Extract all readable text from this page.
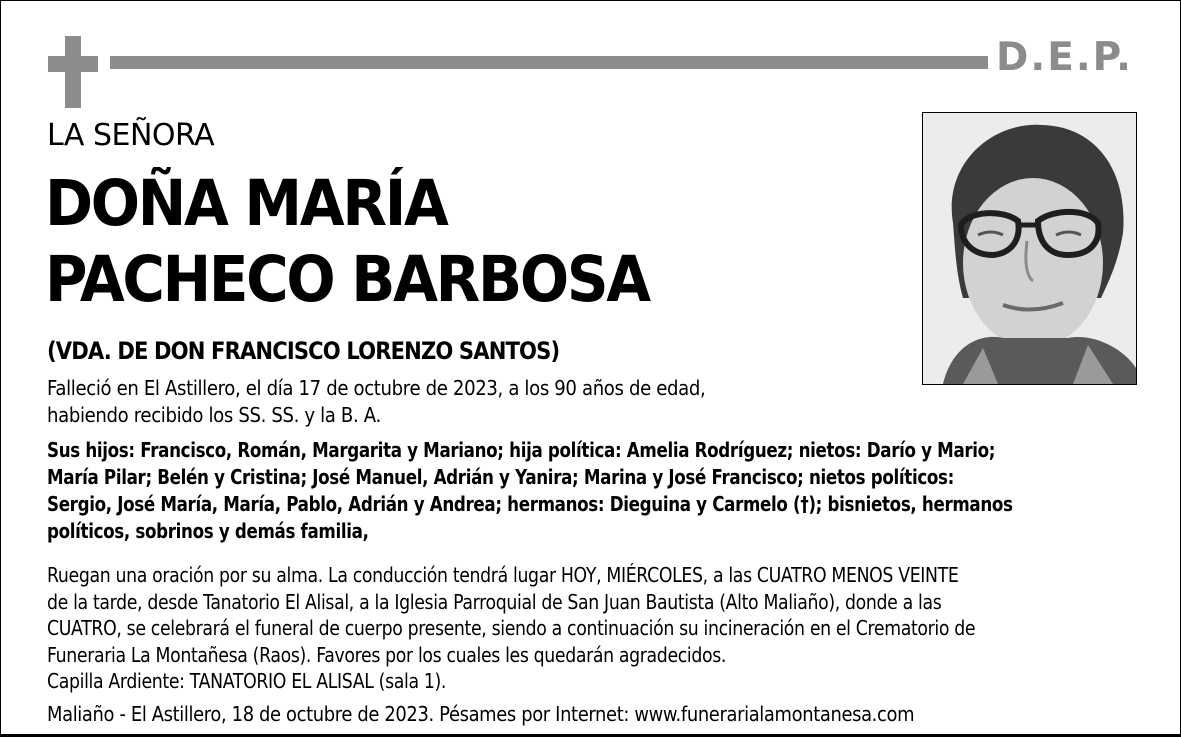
D.E.P.
LA SEÑORA
DOÑA MARÍA
PACHECO BARBOSA
(VDA. DE DON FRANCISCO LORENZO SANTOS)
Falleció en El Astillero, el día 17 de octubre de 2023, a los 90 años de edad,
habiendo recibido los SS. SS. y la B. A.
Sus hijos: Francisco, Román, Margarita y Mariano; hija política: Amelia Rodríguez; nietos: Darío y Mario;
María Pilar; Belén y Cristina; José Manuel, Adrián y Yanira; Marina y José Francisco; nietos políticos:
Sergio, José María, María, Pablo, Adrián y Andrea; hermanos: Dieguina y Carmelo (†); bisnietos, hermanos
políticos, sobrinos y demás familia,
Ruegan una oración por su alma. La conducción tendrá lugar HOY, MIÉRCOLES, a las CUATRO MENOS VEINTE
de la tarde, desde Tanatorio El Alisal, a la Iglesia Parroquial de San Juan Bautista (Alto Maliaño), donde a las
CUATRO, se celebrará el funeral de cuerpo presente, siendo a continuación su incineración en el Crematorio de
Funeraria La Montañesa (Raos). Favores por los cuales les quedarán agradecidos.
Capilla Ardiente: TANATORIO EL ALISAL (sala 1).
Maliaño - El Astillero, 18 de octubre de 2023. Pésames por Internet: www.funerarialamontanesa.com
